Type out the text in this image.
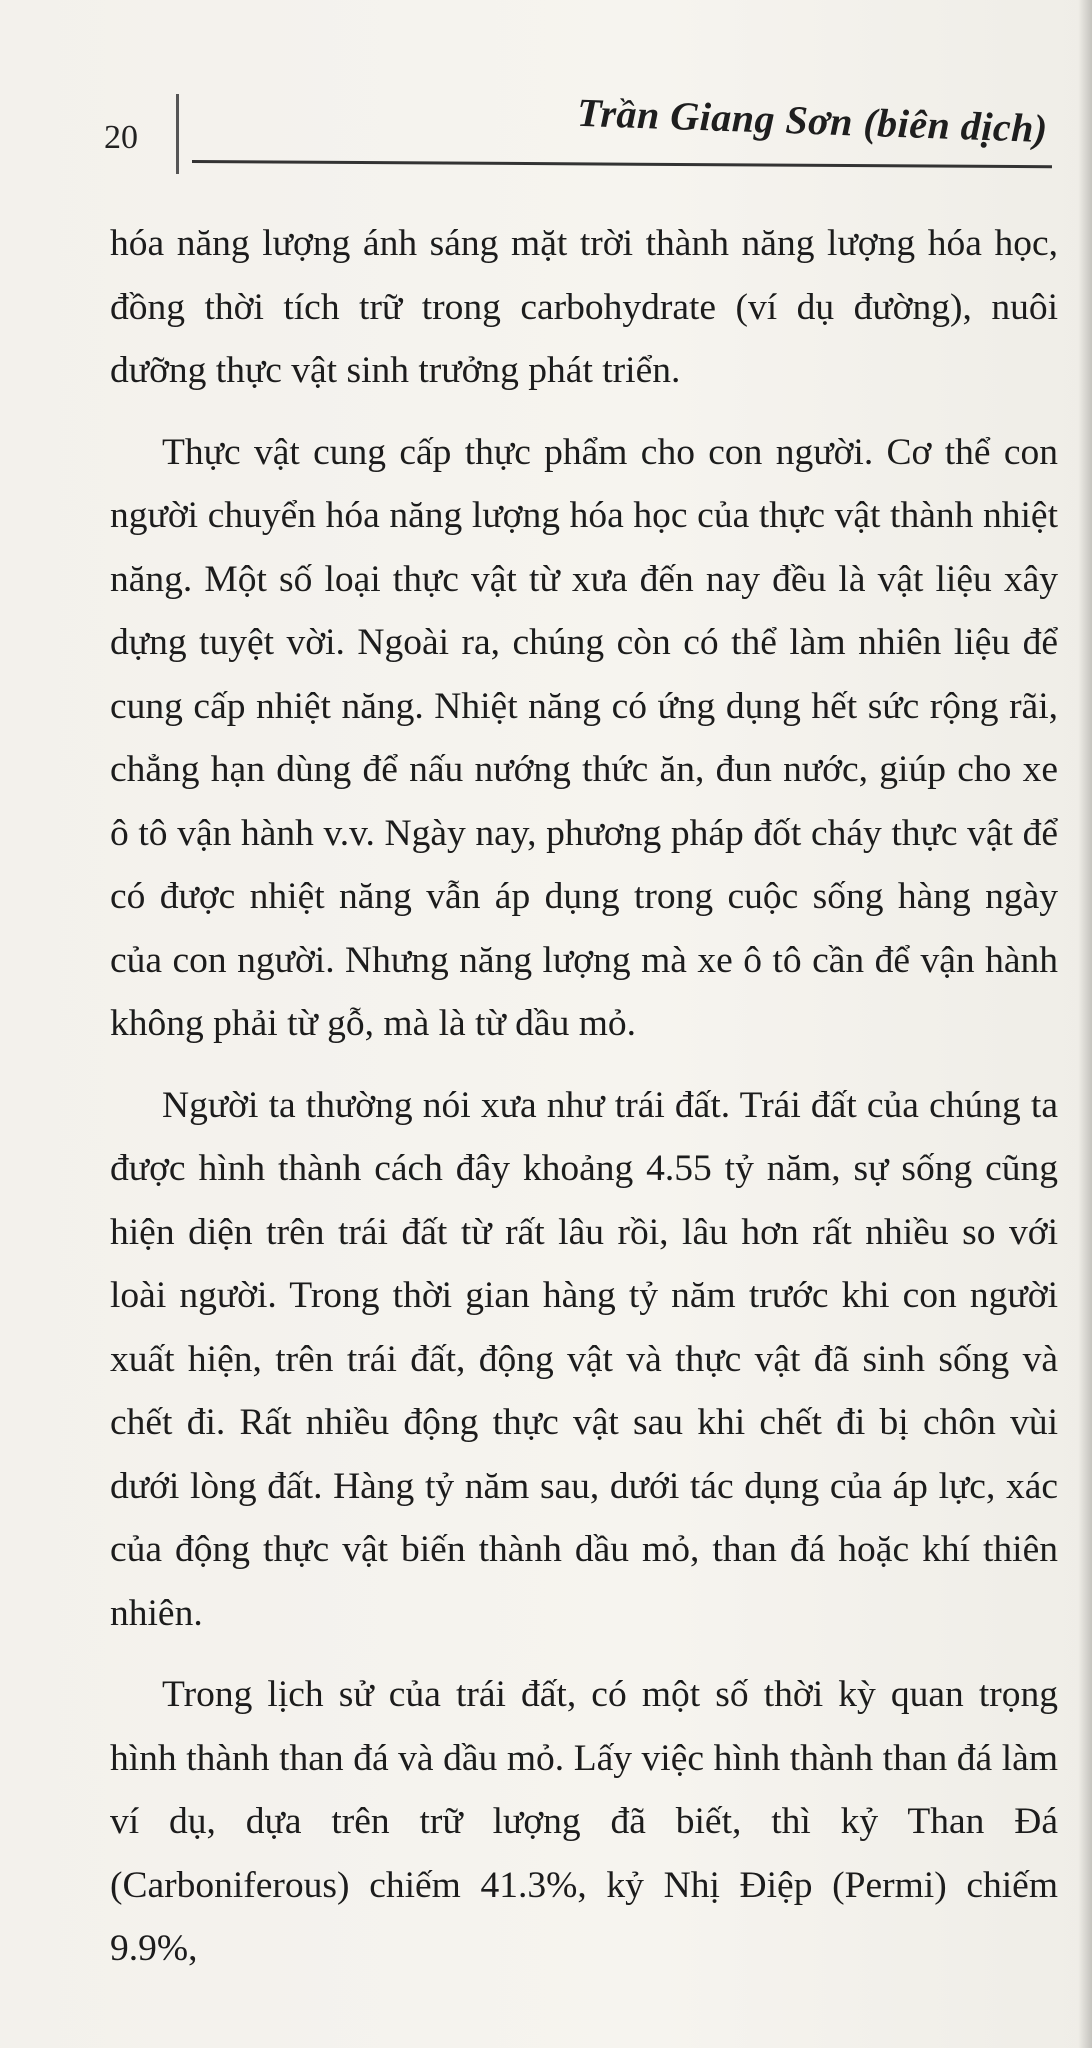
20	Trần Giang Sơn (biên dịch)

hóa năng lượng ánh sáng mặt trời thành năng lượng hóa học, đồng thời tích trữ trong carbohydrate (ví dụ đường), nuôi dưỡng thực vật sinh trưởng phát triển.

Thực vật cung cấp thực phẩm cho con người. Cơ thể con người chuyển hóa năng lượng hóa học của thực vật thành nhiệt năng. Một số loại thực vật từ xưa đến nay đều là vật liệu xây dựng tuyệt vời. Ngoài ra, chúng còn có thể làm nhiên liệu để cung cấp nhiệt năng. Nhiệt năng có ứng dụng hết sức rộng rãi, chẳng hạn dùng để nấu nướng thức ăn, đun nước, giúp cho xe ô tô vận hành v.v. Ngày nay, phương pháp đốt cháy thực vật để có được nhiệt năng vẫn áp dụng trong cuộc sống hàng ngày của con người. Nhưng năng lượng mà xe ô tô cần để vận hành không phải từ gỗ, mà là từ dầu mỏ.

Người ta thường nói xưa như trái đất. Trái đất của chúng ta được hình thành cách đây khoảng 4.55 tỷ năm, sự sống cũng hiện diện trên trái đất từ rất lâu rồi, lâu hơn rất nhiều so với loài người. Trong thời gian hàng tỷ năm trước khi con người xuất hiện, trên trái đất, động vật và thực vật đã sinh sống và chết đi. Rất nhiều động thực vật sau khi chết đi bị chôn vùi dưới lòng đất. Hàng tỷ năm sau, dưới tác dụng của áp lực, xác của động thực vật biến thành dầu mỏ, than đá hoặc khí thiên nhiên.

Trong lịch sử của trái đất, có một số thời kỳ quan trọng hình thành than đá và dầu mỏ. Lấy việc hình thành than đá làm ví dụ, dựa trên trữ lượng đã biết, thì kỷ Than Đá (Carboniferous) chiếm 41.3%, kỷ Nhị Điệp (Permi) chiếm 9.9%,
